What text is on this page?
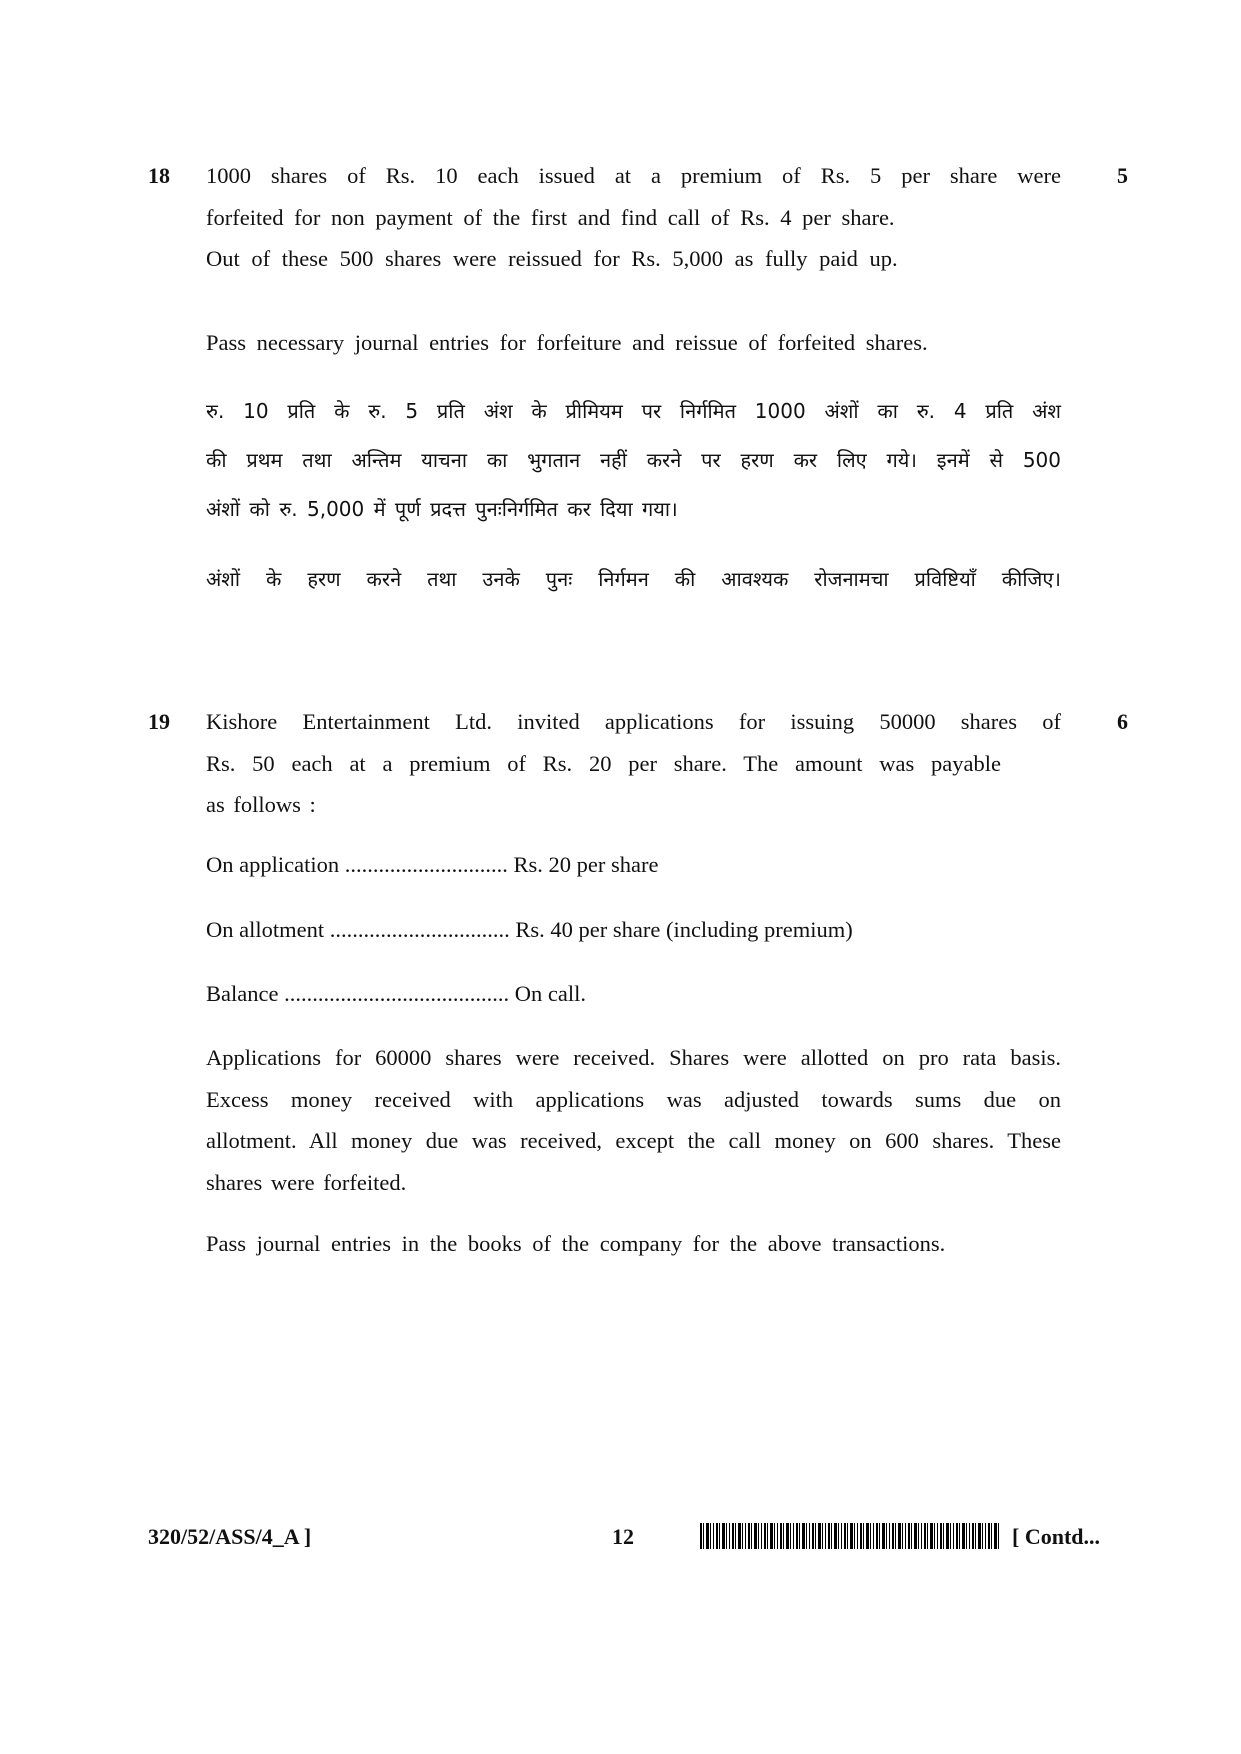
18	5
1000 shares of Rs. 10 each issued at a premium of Rs. 5 per share were
forfeited for non payment of the first and find call of Rs. 4 per share.
Out of these 500 shares were reissued for Rs. 5,000 as fully paid up.
Pass necessary journal entries for forfeiture and reissue of forfeited shares.
रु. 10 प्रति के रु. 5 प्रति अंश के प्रीमियम पर निर्गमित 1000 अंशों का रु. 4 प्रति अंश
की प्रथम तथा अन्तिम याचना का भुगतान नहीं करने पर हरण कर लिए गये। इनमें से 500
अंशों को रु. 5,000 में पूर्ण प्रदत्त पुनःनिर्गमित कर दिया गया।
अंशों के हरण करने तथा उनके पुनः निर्गमन की आवश्यक रोजनामचा प्रविष्टियाँ कीजिए।
19	6
Kishore Entertainment Ltd. invited applications for issuing 50000 shares of
Rs. 50 each at a premium of Rs. 20 per share. The amount was payable
as follows :
On application ............................. Rs. 20 per share
On allotment ................................ Rs. 40 per share (including premium)
Balance ........................................ On call.
Applications for 60000 shares were received. Shares were allotted on pro rata basis.
Excess money received with applications was adjusted towards sums due on
allotment. All money due was received, except the call money on 600 shares. These
shares were forfeited.
Pass journal entries in the books of the company for the above transactions.
320/52/ASS/4_A ]	12	[ Contd...
